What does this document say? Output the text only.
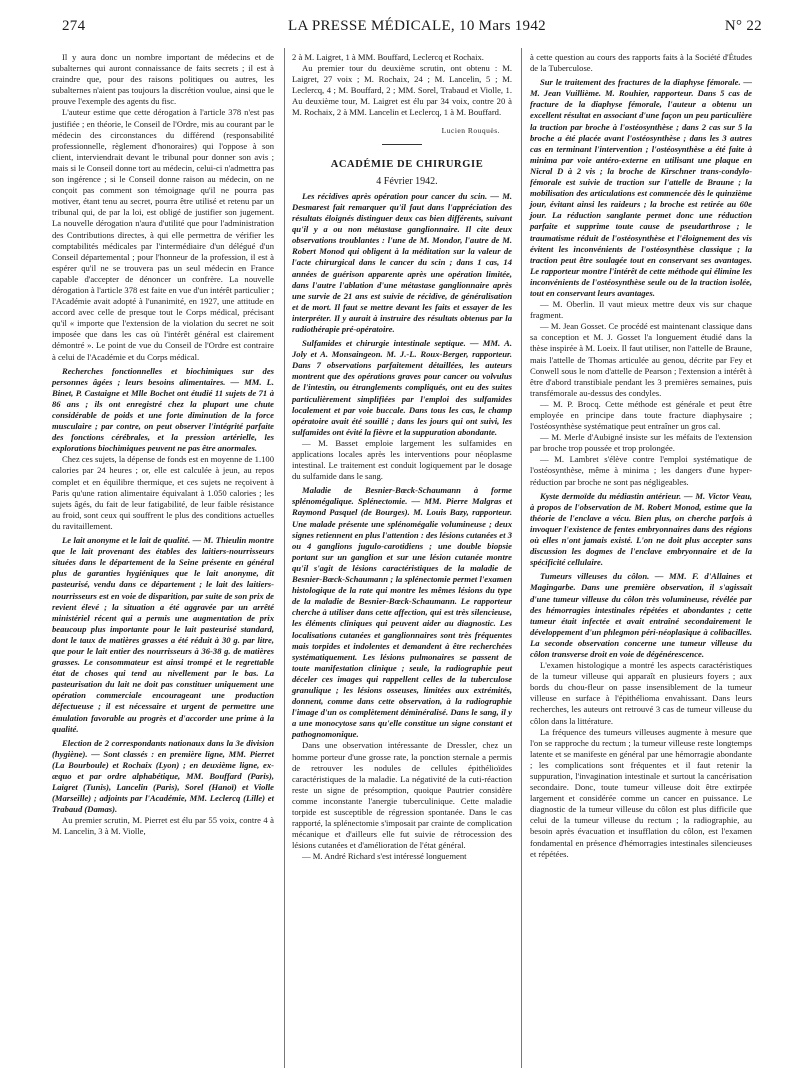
274	LA PRESSE MÉDICALE, 10 Mars 1942	N° 22

Il y aura donc un nombre important de médecins et de subalternes qui auront connaissance de faits secrets ; il est à craindre que, pour des raisons politiques ou autres, les subalternes n'aient pas toujours la discrétion voulue, ainsi que le prouve l'exemple des agents du fisc.

L'auteur estime que cette dérogation à l'article 378 n'est pas justifiée ; en théorie, le Conseil de l'Ordre, mis au courant par le médecin des circonstances du différend (responsabilité professionnelle, règlement d'honoraires) qui l'oppose à son client, interviendrait devant le tribunal pour donner son avis ; mais si le Conseil donne tort au médecin, celui-ci n'admettra pas son ingérence ; si le Conseil donne raison au médecin, on ne conçoit pas comment son témoignage qu'il ne pourra pas motiver, étant tenu au secret, pourra être utilisé et retenu par un tribunal qui, de par la loi, est obligé de justifier son jugement. La nouvelle dérogation n'aura d'utilité que pour l'administration des Contributions directes, à qui elle permettra de vérifier les comptabilités médicales par l'intermédiaire d'un délégué d'un Conseil départemental ; pour l'honneur de la profession, il est à espérer qu'il ne se trouvera pas un seul médecin en France capable d'accepter de dénoncer un confrère. La nouvelle dérogation à l'article 378 est faite en vue d'un intérêt particulier ; l'Académie avait adopté à l'unanimité, en 1927, une attitude en accord avec celle de presque tout le Corps médical, précisant qu'il « importe que l'extension de la violation du secret ne soit imposée que dans les cas où l'intérêt général est clairement démontré ». Le point de vue du Conseil de l'Ordre est contraire à celui de l'Académie et du Corps médical.

Recherches fonctionnelles et biochimiques sur des personnes âgées ; leurs besoins alimentaires. — MM. L. Binet, P. Castaigne et Mlle Bochet ont étudié 11 sujets de 71 à 86 ans ; ils ont enregistré chez la plupart une chute considérable de poids et une forte diminution de la force musculaire ; par contre, on peut observer l'intégrité parfaite des fonctions cérébrales, et la pression artérielle, les explorations biochimiques peuvent ne pas être anormales.

Chez ces sujets, la dépense de fonds est en moyenne de 1.100 calories par 24 heures ; or, elle est calculée à jeun, au repos complet et en équilibre thermique, et ces sujets ne reçoivent à Paris qu'une ration alimentaire équivalant à 1.050 calories ; les sujets âgés, du fait de leur fatigabilité, de leur faible résistance au froid, sont ceux qui souffrent le plus des conditions actuelles du ravitaillement.

Le lait anonyme et le lait de qualité. — M. Thieulin montre que le lait provenant des étables des laitiers-nourrisseurs situées dans le département de la Seine présente en général plus de garanties hygiéniques que le lait anonyme, dit pasteurisé, vendu dans ce département ; le lait des laitiers-nourrisseurs est en voie de disparition, par suite de son prix de revient élevé ; la situation a été aggravée par un arrêté ministériel récent qui a permis une augmentation de prix beaucoup plus importante pour le lait pasteurisé standard, dont le taux de matières grasses a été réduit à 30 g. par litre, que pour le lait entier des nourrisseurs à 36-38 g. de matières grasses. Le consommateur est ainsi trompé et le regrettable état de choses qui tend au nivellement par le bas. La pasteurisation du lait ne doit pas constituer uniquement une opération commerciale encourageant une production défectueuse ; il est nécessaire et urgent de permettre une émulation favorable au progrès et d'accorder une prime à la qualité.

Election de 2 correspondants nationaux dans la 3e division (hygiène). — Sont classés : en première ligne, MM. Pierret (La Bourboule) et Rochaix (Lyon) ; en deuxième ligne, ex-æquo et par ordre alphabétique, MM. Bouffard (Paris), Laigret (Tunis), Lancelin (Paris), Sorel (Hanoï) et Violle (Marseille) ; adjoints par l'Académie, MM. Leclercq (Lille) et Trabaud (Damas).

Au premier scrutin, M. Pierret est élu par 55 voix, contre 4 à M. Lancelin, 3 à M. Violle,

2 à M. Laigret, 1 à MM. Bouffard, Leclercq et Rochaix.

Au premier tour du deuxième scrutin, ont obtenu : M. Laigret, 27 voix ; M. Rochaix, 24 ; M. Lancelin, 5 ; M. Leclercq, 4 ; M. Bouffard, 2 ; MM. Sorel, Trabaud et Violle, 1. Au deuxième tour, M. Laigret est élu par 34 voix, contre 20 à M. Rochaix, 2 à MM. Lancelin et Leclercq, 1 à M. Bouffard.

Lucien Rouquès.

ACADÉMIE DE CHIRURGIE

4 Février 1942.

Les récidives après opération pour cancer du scin. — M. Desmarest fait remarquer qu'il faut dans l'appréciation des résultats éloignés distinguer deux cas bien différents, suivant qu'il y a ou non métastase ganglionnaire. Il cite deux observations troublantes : l'une de M. Mondor, l'autre de M. Robert Monod qui obligent à la méditation sur la valeur de l'acte chirurgical dans le cancer du scin ; dans 1 cas, 14 années de guérison apparente après une opération limitée, dans l'autre l'ablation d'une métastase ganglionnaire après une survie de 21 ans est suivie de récidive, de généralisation et de mort. Il faut se mettre devant les faits et essayer de les interpréter. Il y aurait à instruire des résultats obtenus par la radiothérapie pré-opératoire.

Sulfamides et chirurgie intestinale septique. — MM. A. Joly et A. Monsaingeon. M. J.-L. Roux-Berger, rapporteur. Dans 7 observations parfaitement détaillées, les auteurs montrent que des opérations graves pour cancer ou volvulus de l'intestin, ou étranglements compliqués, ont eu des suites particulièrement simplifiées par l'emploi des sulfamides localement et par voie buccale. Dans tous les cas, le champ opératoire avait été souillé ; dans les jours qui ont suivi, les sulfamides ont évité la fièvre et la suppuration abondante.

— M. Basset emploie largement les sulfamides en applications locales après les interventions pour néoplasme intestinal. Le traitement est conduit logiquement par le dosage du sulfamide dans le sang.

Maladie de Besnier-Bœck-Schaumann à forme splénomégalique. Splénectomie. — MM. Pierre Malgras et Raymond Pasquel (de Bourges). M. Louis Bazy, rapporteur. Une malade présente une splénomégalie volumineuse ; deux signes retiennent en plus l'attention : des lésions cutanées et 3 ou 4 ganglions jugulo-carotidiens ; une double biopsie portant sur un ganglion et sur une lésion cutanée montre qu'il s'agit de lésions caractéristiques de la maladie de Besnier-Bœck-Schaumann ; la splénectomie permet l'examen histologique de la rate qui montre les mêmes lésions du type de la maladie de Besnier-Bœck-Schaumann. Le rapporteur cherche à utiliser dans cette affection, qui est très silencieuse, les éléments cliniques qui peuvent aider au diagnostic. Les localisations cutanées et ganglionnaires sont très fréquentes mais torpides et indolentes et demandent à être recherchées systématiquement. Les lésions pulmonaires se passent de toute manifestation clinique ; seule, la radiographie peut déceler ces images qui rappellent celles de la tuberculose granulique ; les lésions osseuses, limitées aux extrémités, donnent, comme dans cette observation, à la radiographie l'image d'un os complètement déminéralisé. Dans le sang, il y a une monocytose sans qu'elle constitue un signe constant et pathognomonique.

Dans une observation intéressante de Dressler, chez un homme porteur d'une grosse rate, la ponction sternale a permis de retrouver les nodules de cellules épithélioïdes caractéristiques de la maladie. La négativité de la cuti-réaction reste un signe de présomption, quoique Pautrier considère comme inconstante l'anergie tuberculinique. Cette maladie torpide est susceptible de régression spontanée. Dans le cas rapporté, la splénectomie s'imposait par crainte de complication mécanique et d'ailleurs elle fut suivie de rétrocession des lésions cutanées et d'amélioration de l'état général.

— M. André Richard s'est intéressé longuement

à cette question au cours des rapports faits à la Société d'Études de la Tuberculose.

Sur le traitement des fractures de la diaphyse fémorale. — M. Jean Vuillième. M. Rouhier, rapporteur. Dans 5 cas de fracture de la diaphyse fémorale, l'auteur a obtenu un excellent résultat en associant d'une façon un peu particulière la traction par broche à l'ostéosynthèse ; dans 2 cas sur 5 la broche a été placée avant l'ostéosynthèse ; dans les 3 autres cas en terminant l'intervention ; l'ostéosynthèse a été faite à minima par voie antéro-externe en utilisant une plaque en Nicral D à 2 vis ; la broche de Kirschner trans-condylo-fémorale est suivie de traction sur l'attelle de Braune ; la mobilisation des articulations est commencée dès le quinzième jour, évitant ainsi les raideurs ; la broche est retirée au 60e jour. La réduction sanglante permet donc une réduction parfaite et supprime toute cause de pseudarthrose ; le traumatisme réduit de l'ostéosynthèse et l'éloignement des vis évitent les inconvénients de l'ostéosynthèse classique ; la traction peut être soulagée tout en conservant ses avantages. Le rapporteur montre l'intérêt de cette méthode qui élimine les inconvénients de l'ostéosynthèse seule ou de la traction isolée, tout en conservant leurs avantages.

— M. Oberlin. Il vaut mieux mettre deux vis sur chaque fragment.

— M. Jean Gosset. Ce procédé est maintenant classique dans sa conception et M. J. Gosset l'a longuement étudié dans la thèse inspirée à M. Loeix. Il faut utiliser, non l'attelle de Braune, mais l'attelle de Thomas articulée au genou, décrite par Fey et Conwell sous le nom d'attelle de Pearson ; l'extension a intérêt à être d'abord transtibiale pendant les 3 premières semaines, puis transfémorale au-dessus des condyles.

— M. P. Brocq. Cette méthode est générale et peut être employée en principe dans toute fracture diaphysaire ; l'ostéosynthèse systématique peut entraîner un gros cal.

— M. Merle d'Aubigné insiste sur les méfaits de l'extension par broche trop poussée et trop prolongée.

— M. Lambret s'élève contre l'emploi systématique de l'ostéosynthèse, même à minima ; les dangers d'une hyper-réduction par broche ne sont pas négligeables.

Kyste dermoïde du médiastin antérieur. — M. Victor Veau, à propos de l'observation de M. Robert Monod, estime que la théorie de l'enclave a vécu. Bien plus, on cherche parfois à invoquer l'existence de fentes embryonnaires dans des régions où elles n'ont jamais existé. L'on ne doit plus accepter sans discussion les dogmes de l'enclave embryonnaire et de la spécificité cellulaire.

Tumeurs villeuses du côlon. — MM. F. d'Allaines et Magingarbe. Dans une première observation, il s'agissait d'une tumeur villeuse du côlon très volumineuse, révélée par des hémorragies intestinales répétées et abondantes ; cette tumeur était infectée et avait entraîné secondairement le développement d'un phlegmon péri-néoplasique à colibacilles. La seconde observation concerne une tumeur villeuse du côlon transverse droit en voie de dégénérescence.

L'examen histologique a montré les aspects caractéristiques de la tumeur villeuse qui apparaît en plusieurs foyers ; aux bords du chou-fleur on passe insensiblement de la tumeur villeuse en surface à l'épithélioma envahissant. Dans leurs recherches, les auteurs ont retrouvé 3 cas de tumeur villeuse du côlon dans la littérature.

La fréquence des tumeurs villeuses augmente à mesure que l'on se rapproche du rectum ; la tumeur villeuse reste longtemps latente et se manifeste en général par une hémorragie abondante ; les complications sont fréquentes et il faut retenir la suppuration, l'invagination intestinale et surtout la cancérisation secondaire. Donc, toute tumeur villeuse doit être extirpée largement et considérée comme un cancer en puissance. Le diagnostic de la tumeur villeuse du côlon est plus difficile que celui de la tumeur villeuse du rectum ; la radiographie, au besoin après évacuation et insufflation du côlon, est l'examen fondamental en présence d'hémorragies intestinales silencieuses et répétées.
